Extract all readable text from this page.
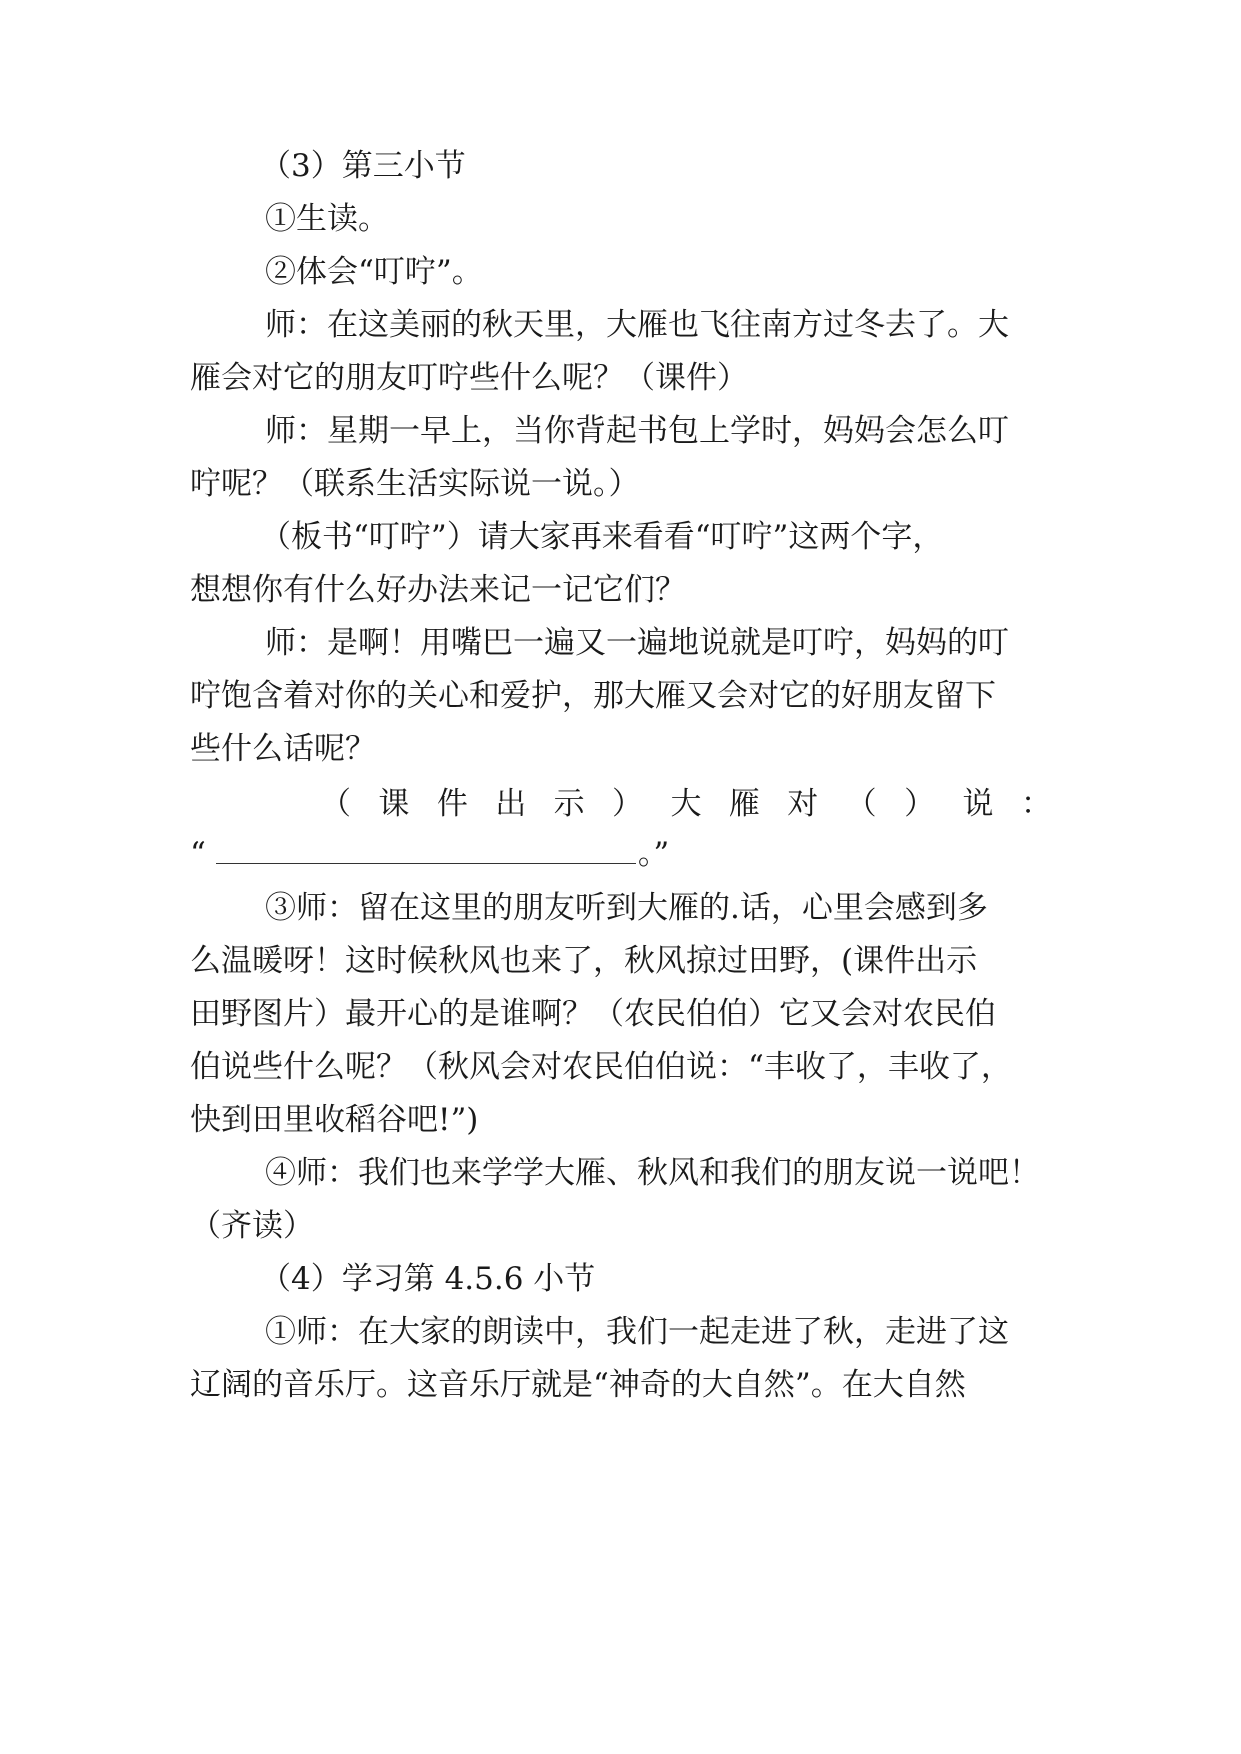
（3）第三小节
①生读。
②体会“叮咛”。
师：在这美丽的秋天里，大雁也飞往南方过冬去了。大
雁会对它的朋友叮咛些什么呢？（课件）
师：星期一早上，当你背起书包上学时，妈妈会怎么叮
咛呢？（联系生活实际说一说。）
（板书“叮咛”）请大家再来看看“叮咛”这两个字，
想想你有什么好办法来记一记它们？
师：是啊！用嘴巴一遍又一遍地说就是叮咛，妈妈的叮
咛饱含着对你的关心和爱护，那大雁又会对它的好朋友留下
些什么话呢？
（ 课 件 出 示 ） 大 雁 对 （ ） 说 ：
“	。”
③师：留在这里的朋友听到大雁的.话，心里会感到多
么温暖呀！这时候秋风也来了，秋风掠过田野，(课件出示
田野图片）最开心的是谁啊？（农民伯伯）它又会对农民伯
伯说些什么呢？（秋风会对农民伯伯说：“丰收了，丰收了，
快到田里收稻谷吧!”)
④师：我们也来学学大雁、秋风和我们的朋友说一说吧！
（齐读）
（4）学习第 4.5.6 小节
①师：在大家的朗读中，我们一起走进了秋，走进了这
辽阔的音乐厅。这音乐厅就是“神奇的大自然”。在大自然
